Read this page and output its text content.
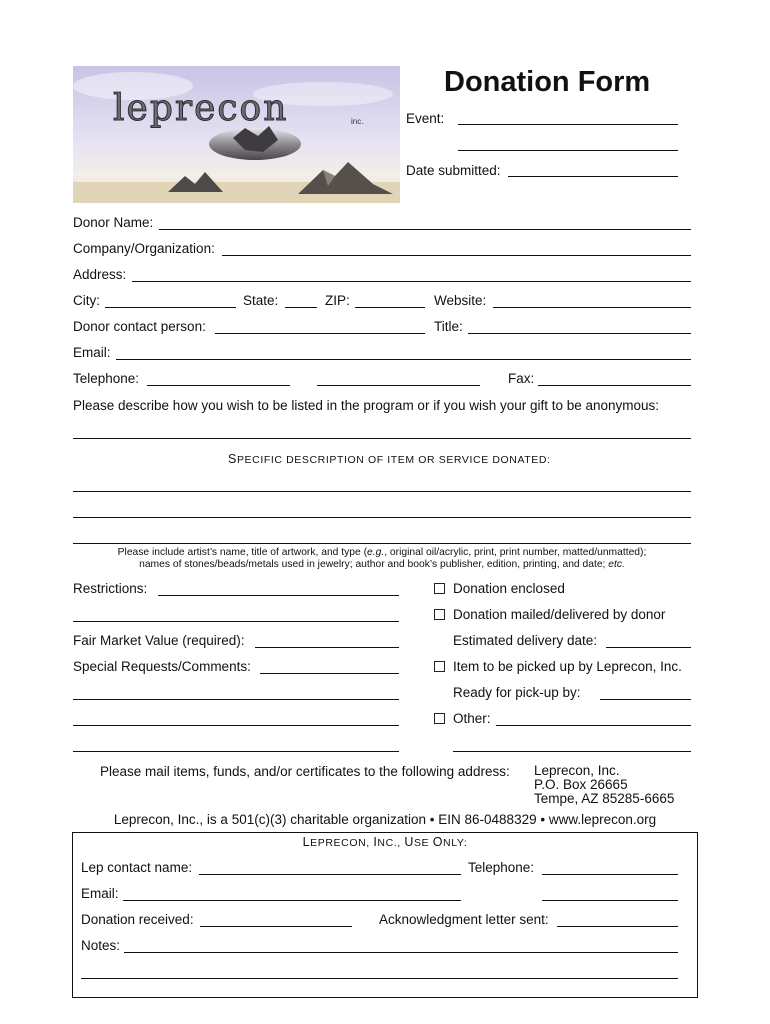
leprecon	inc.
Donation Form
Event:
Date submitted:
Donor Name:
Company/Organization:
Address:
City:	State:	ZIP:	Website:
Donor contact person:	Title:
Email:
Telephone:	Fax:
Please describe how you wish to be listed in the program or if you wish your gift to be anonymous:
SPECIFIC DESCRIPTION OF ITEM OR SERVICE DONATED:
Please include artist’s name, title of artwork, and type (e.g., original oil/acrylic, print, print number, matted/unmatted);
names of stones/beads/metals used in jewelry; author and book’s publisher, edition, printing, and date; etc.
Restrictions:
Fair Market Value (required):
Special Requests/Comments:
Donation enclosed
Donation mailed/delivered by donor
Estimated delivery date:
Item to be picked up by Leprecon, Inc.
Ready for pick-up by:
Other:
Please mail items, funds, and/or certificates to the following address: Leprecon, Inc.
P.O. Box 26665
Tempe, AZ 85285-6665
Leprecon, Inc., is a 501(c)(3) charitable organization • EIN 86-0488329 • www.leprecon.org
LEPRECON, INC., USE ONLY:
Lep contact name:	Telephone:
Email:
Donation received:	Acknowledgment letter sent:
Notes:
